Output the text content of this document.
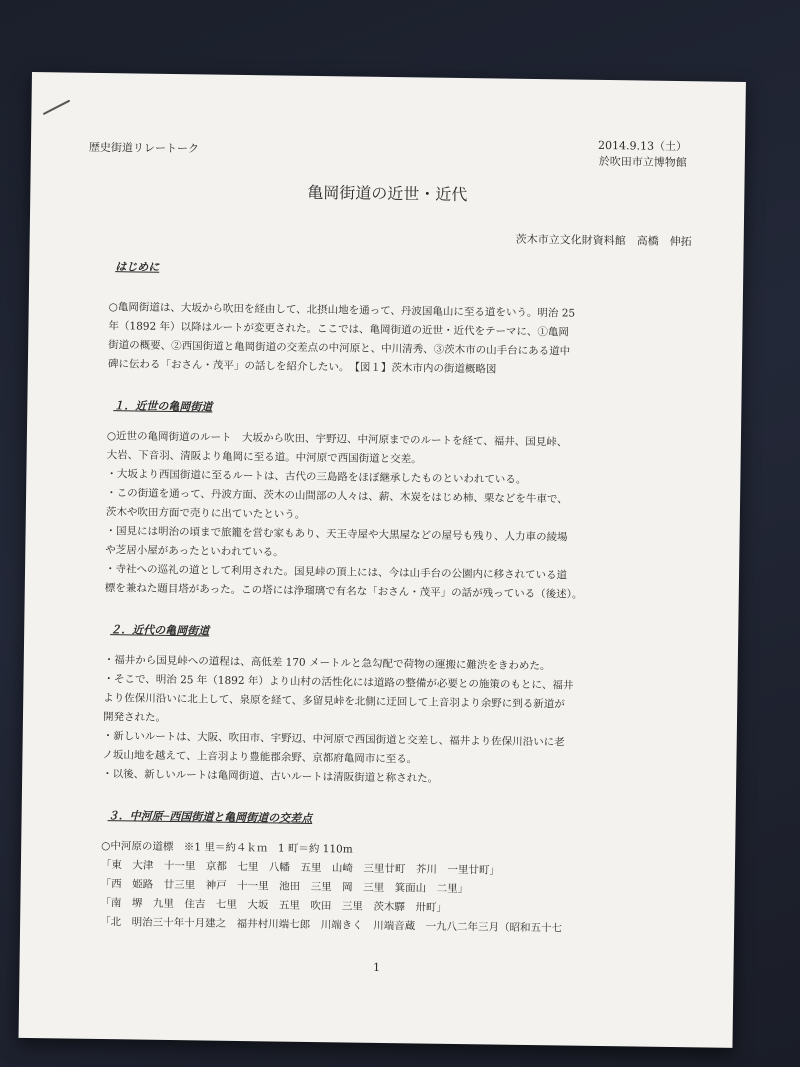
歴史街道リレートーク	2014.9.13（土）
於吹田市立博物館
亀岡街道の近世・近代
茨木市立文化財資料館　高橋　伸拓
はじめに
○亀岡街道は、大坂から吹田を経由して、北摂山地を通って、丹波国亀山に至る道をいう。明治 25
年（1892 年）以降はルートが変更された。ここでは、亀岡街道の近世・近代をテーマに、①亀岡
街道の概要、②西国街道と亀岡街道の交差点の中河原と、中川清秀、③茨木市の山手台にある道中
碑に伝わる「おさん・茂平」の話しを紹介したい。　【図１】茨木市内の街道概略図
１．近世の亀岡街道
○近世の亀岡街道のルート　大坂から吹田、宇野辺、中河原までのルートを経て、福井、国見峠、
大岩、下音羽、清阪より亀岡に至る道。中河原で西国街道と交差。
・大坂より西国街道に至るルートは、古代の三島路をほぼ継承したものといわれている。
・この街道を通って、丹波方面、茨木の山間部の人々は、薪、木炭をはじめ柿、栗などを牛車で、
茨木や吹田方面で売りに出ていたという。
・国見には明治の頃まで旅籠を営む家もあり、天王寺屋や大黒屋などの屋号も残り、人力車の綾場
や芝居小屋があったといわれている。
・寺社への巡礼の道として利用された。国見峠の頂上には、今は山手台の公園内に移されている道
標を兼ねた題目塔があった。この塔には浄瑠璃で有名な「おさん・茂平」の話が残っている（後述）。
２．近代の亀岡街道
・福井から国見峠への道程は、高低差 170 メートルと急勾配で荷物の運搬に難渋をきわめた。
・そこで、明治 25 年（1892 年）より山村の活性化には道路の整備が必要との施策のもとに、福井
より佐保川沿いに北上して、泉原を経て、多留見峠を北側に迂回して上音羽より余野に到る新道が
開発された。
・新しいルートは、大阪、吹田市、宇野辺、中河原で西国街道と交差し、福井より佐保川沿いに老
ノ坂山地を越えて、上音羽より豊能郡余野、京都府亀岡市に至る。
・以後、新しいルートは亀岡街道、古いルートは清阪街道と称された。
３．中河原─西国街道と亀岡街道の交差点
○中河原の道標　※1 里＝約４ｋｍ　1 町＝約 110m
「東　大津　十一里　京都　七里　八幡　五里　山崎　三里廿町　芥川　一里廿町」
「西　姫路　廿三里　神戸　十一里　池田　三里　岡　三里　箕面山　二里」
「南　堺　九里　住吉　七里　大坂　五里　吹田　三里　茨木驛　卅町」
「北　明治三十年十月建之　福井村川端七郎　川端きく　川端音蔵　一九八二年三月（昭和五十七
1
